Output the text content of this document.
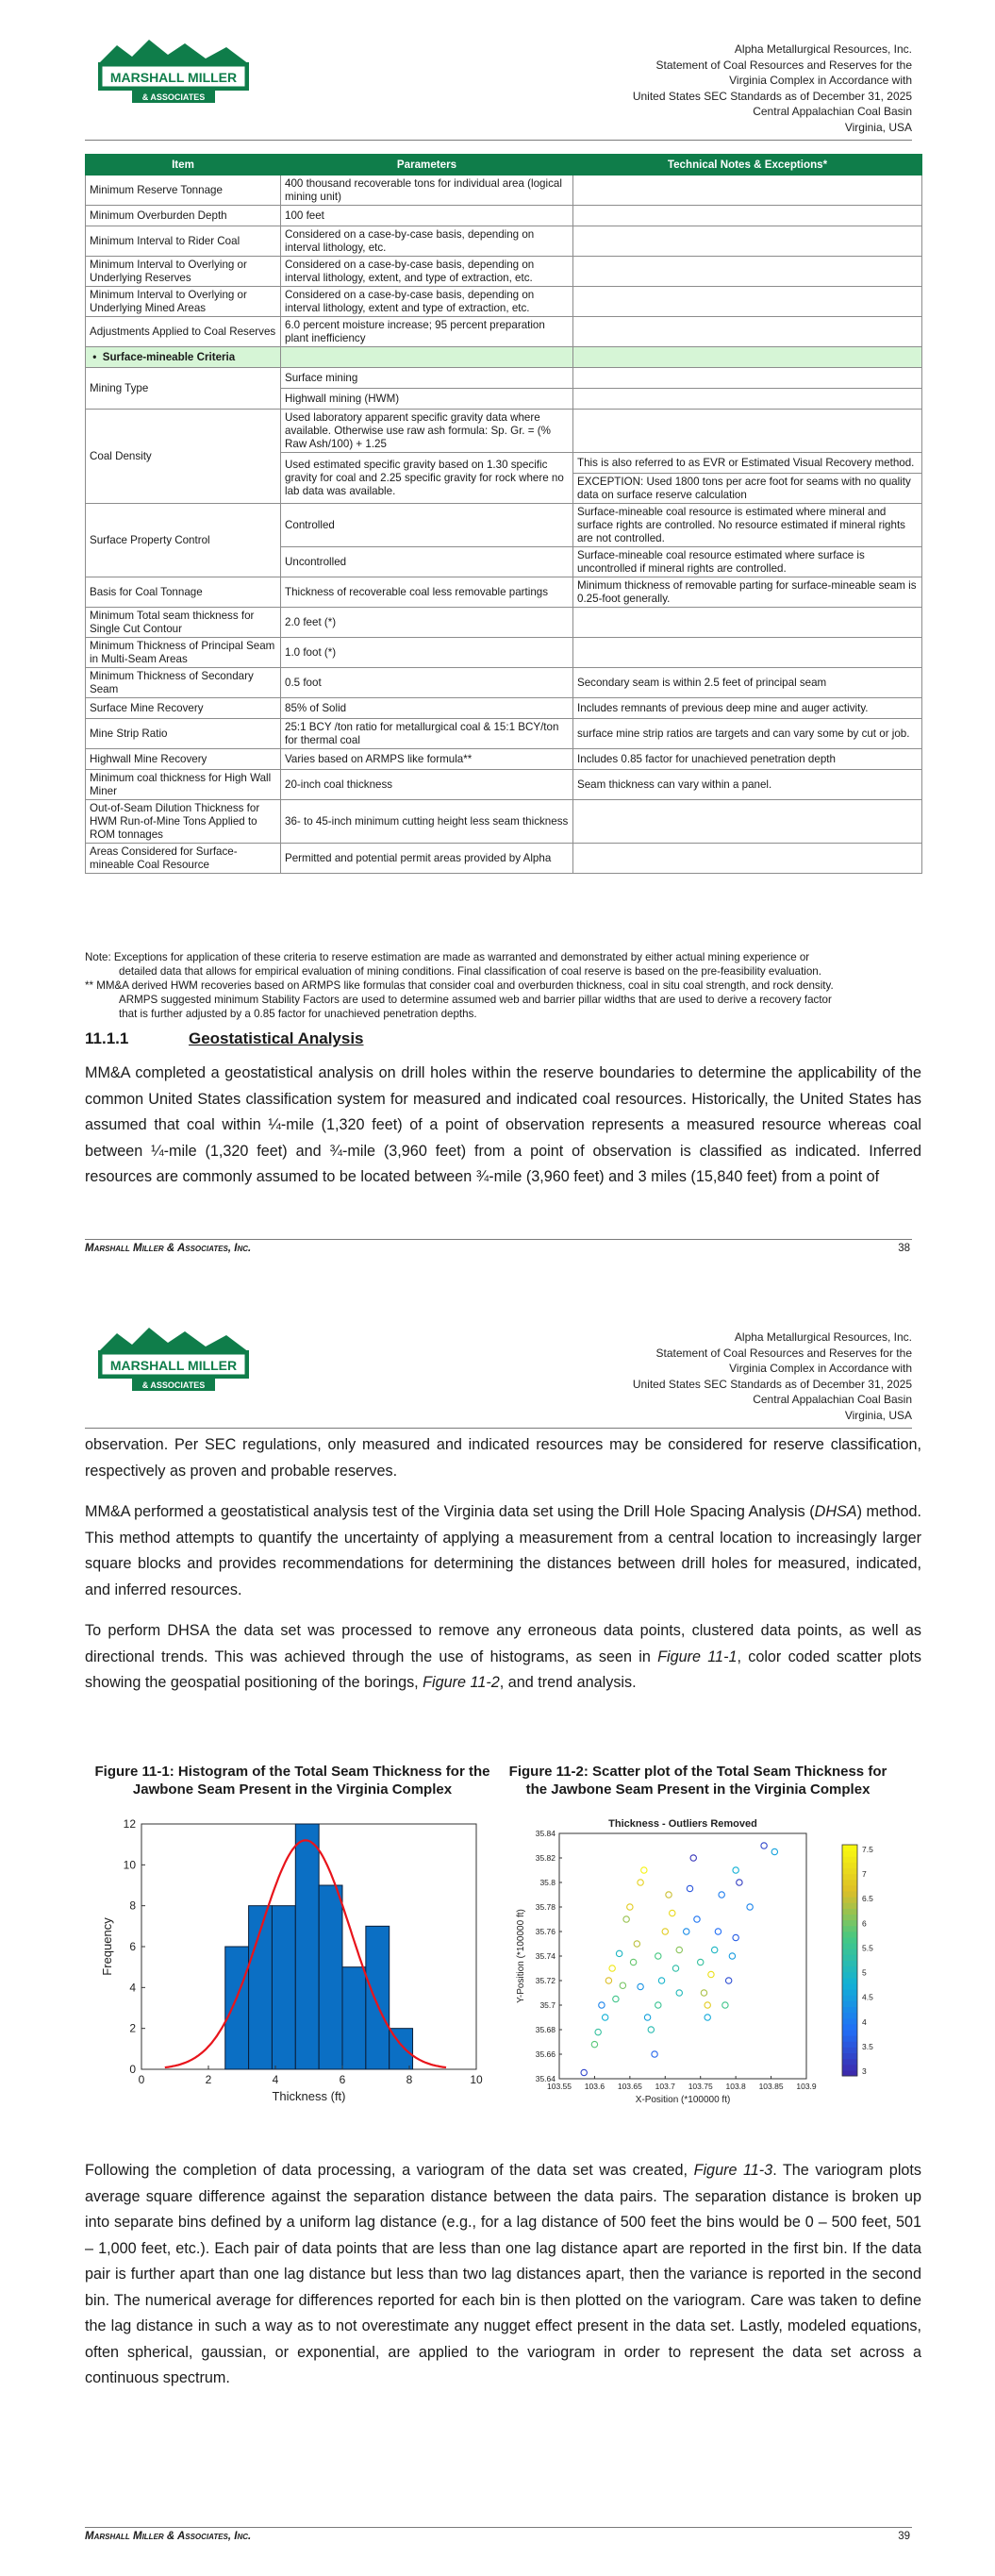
MARSHALL MILLER
& ASSOCIATES
Alpha Metallurgical Resources, Inc.
Statement of Coal Resources and Reserves for the
Virginia Complex in Accordance with
United States SEC Standards as of December 31, 2025
Central Appalachian Coal Basin
Virginia, USA
Item	Parameters	Technical Notes & Exceptions*
Minimum Reserve Tonnage	400 thousand recoverable tons for individual area (logical mining unit)	
Minimum Overburden Depth	100 feet	
Minimum Interval to Rider Coal	Considered on a case-by-case basis, depending on interval lithology, etc.	
Minimum Interval to Overlying or Underlying Reserves	Considered on a case-by-case basis, depending on interval lithology, extent, and type of extraction, etc.	
Minimum Interval to Overlying or Underlying Mined Areas	Considered on a case-by-case basis, depending on interval lithology, extent and type of extraction, etc.	
Adjustments Applied to Coal Reserves	6.0 percent moisture increase; 95 percent preparation plant inefficiency	
•  Surface-mineable Criteria		
Mining Type	Surface mining	
	Highwall mining (HWM)	
Coal Density	Used laboratory apparent specific gravity data where available. Otherwise use raw ash formula: Sp. Gr. = (% Raw Ash/100) + 1.25	
	Used estimated specific gravity based on 1.30 specific gravity for coal and 2.25 specific gravity for rock where no lab data was available.	This is also referred to as EVR or Estimated Visual Recovery method.
		EXCEPTION: Used 1800 tons per acre foot for seams with no quality data on surface reserve calculation
Surface Property Control	Controlled	Surface-mineable coal resource is estimated where mineral and surface rights are controlled. No resource estimated if mineral rights are not controlled.
	Uncontrolled	Surface-mineable coal resource estimated where surface is uncontrolled if mineral rights are controlled.
Basis for Coal Tonnage	Thickness of recoverable coal less removable partings	Minimum thickness of removable parting for surface-mineable seam is 0.25-foot generally.
Minimum Total seam thickness for Single Cut Contour	2.0 feet (*)	
Minimum Thickness of Principal Seam in Multi-Seam Areas	1.0 foot (*)	
Minimum Thickness of Secondary Seam	0.5 foot	Secondary seam is within 2.5 feet of principal seam
Surface Mine Recovery	85% of Solid	Includes remnants of previous deep mine and auger activity.
Mine Strip Ratio	25:1 BCY /ton ratio for metallurgical coal & 15:1 BCY/ton for thermal coal	surface mine strip ratios are targets and can vary some by cut or job.
Highwall Mine Recovery	Varies based on ARMPS like formula**	Includes 0.85 factor for unachieved penetration depth
Minimum coal thickness for High Wall Miner	20-inch coal thickness	Seam thickness can vary within a panel.
Out-of-Seam Dilution Thickness for HWM Run-of-Mine Tons Applied to ROM tonnages	36- to 45-inch minimum cutting height less seam thickness	
Areas Considered for Surface-mineable Coal Resource	Permitted and potential permit areas provided by Alpha	

Note: Exceptions for application of these criteria to reserve estimation are made as warranted and demonstrated by either actual mining experience or

detailed data that allows for empirical evaluation of mining conditions. Final classification of coal reserve is based on the pre-feasibility evaluation.

** MM&A derived HWM recoveries based on ARMPS like formulas that consider coal and overburden thickness, coal in situ coal strength, and rock density.

ARMPS suggested minimum Stability Factors are used to determine assumed web and barrier pillar widths that are used to derive a recovery factor

that is further adjusted by a 0.85 factor for unachieved penetration depths.

11.1.1	Geostatistical Analysis

MM&A completed a geostatistical analysis on drill holes within the reserve boundaries to determine the applicability of the common United States classification system for measured and indicated coal resources. Historically, the United States has assumed that coal within ¼-mile (1,320 feet) of a point of observation represents a measured resource whereas coal between ¼-mile (1,320 feet) and ¾-mile (3,960 feet) from a point of observation is classified as indicated. Inferred resources are commonly assumed to be located between ¾-mile (3,960 feet) and 3 miles (15,840 feet) from a point of

Marshall Miller & Associates, Inc.	38
MARSHALL MILLER
& ASSOCIATES
Alpha Metallurgical Resources, Inc.
Statement of Coal Resources and Reserves for the
Virginia Complex in Accordance with
United States SEC Standards as of December 31, 2025
Central Appalachian Coal Basin
Virginia, USA

observation. Per SEC regulations, only measured and indicated resources may be considered for reserve classification, respectively as proven and probable reserves.

MM&A performed a geostatistical analysis test of the Virginia data set using the Drill Hole Spacing Analysis (DHSA) method. This method attempts to quantify the uncertainty of applying a measurement from a central location to increasingly larger square blocks and provides recommendations for determining the distances between drill holes for measured, indicated, and inferred resources.

To perform DHSA the data set was processed to remove any erroneous data points, clustered data points, as well as directional trends. This was achieved through the use of histograms, as seen in Figure 11-1, color coded scatter plots showing the geospatial positioning of the borings, Figure 11-2, and trend analysis.

Figure 11-1: Histogram of the Total Seam Thickness for the Jawbone Seam Present in the Virginia Complex
Figure 11-2: Scatter plot of the Total Seam Thickness for the Jawbone Seam Present in the Virginia Complex
0	2	4	6	8	10
0
2
4
6
8
10
12
Thickness (ft)
Frequency
Thickness - Outliers Removed
103.55 103.6 103.65 103.7 103.75 103.8 103.85 103.9
35.64
35.66
35.68
35.7
35.72
35.74
35.76
35.78
35.8
35.82
35.84
X-Position (*100000 ft)
Y-Position (*100000 ft)
3
3.5
4
4.5
5
5.5
6
6.5
7
7.5

Following the completion of data processing, a variogram of the data set was created, Figure 11-3. The variogram plots average square difference against the separation distance between the data pairs. The separation distance is broken up into separate bins defined by a uniform lag distance (e.g., for a lag distance of 500 feet the bins would be 0 – 500 feet, 501 – 1,000 feet, etc.). Each pair of data points that are less than one lag distance apart are reported in the first bin. If the data pair is further apart than one lag distance but less than two lag distances apart, then the variance is reported in the second bin. The numerical average for differences reported for each bin is then plotted on the variogram. Care was taken to define the lag distance in such a way as to not overestimate any nugget effect present in the data set. Lastly, modeled equations, often spherical, gaussian, or exponential, are applied to the variogram in order to represent the data set across a continuous spectrum.

Marshall Miller & Associates, Inc.	39
